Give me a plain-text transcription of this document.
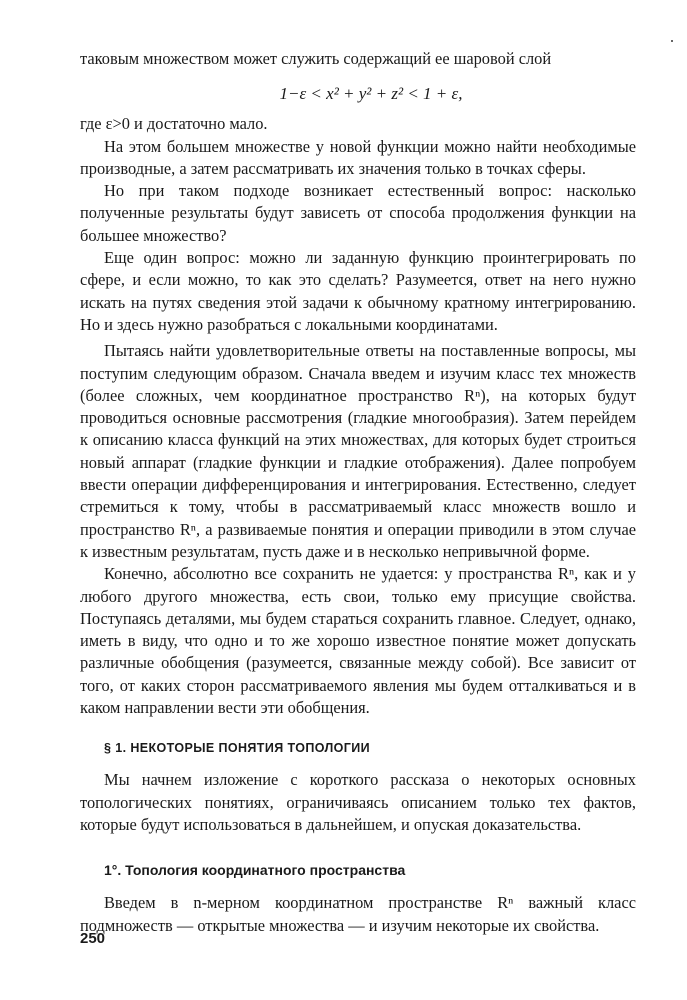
таковым множеством может служить содержащий ее шаровой слой

1−ε < x² + y² + z² < 1 + ε,

где ε>0 и достаточно мало.

На этом большем множестве у новой функции можно найти необходимые производные, а затем рассматривать их значения только в точках сферы.

Но при таком подходе возникает естественный вопрос: насколько полученные результаты будут зависеть от способа продолжения функции на большее множество?

Еще один вопрос: можно ли заданную функцию проинтегрировать по сфере, и если можно, то как это сделать? Разумеется, ответ на него нужно искать на путях сведения этой задачи к обычному кратному интегрированию. Но и здесь нужно разобраться с локальными координатами.

Пытаясь найти удовлетворительные ответы на поставленные вопросы, мы поступим следующим образом. Сначала введем и изучим класс тех множеств (более сложных, чем координатное пространство Rⁿ), на которых будут проводиться основные рассмотрения (гладкие многообразия). Затем перейдем к описанию класса функций на этих множествах, для которых будет строиться новый аппарат (гладкие функции и гладкие отображения). Далее попробуем ввести операции дифференцирования и интегрирования. Естественно, следует стремиться к тому, чтобы в рассматриваемый класс множеств вошло и пространство Rⁿ, а развиваемые понятия и операции приводили в этом случае к известным результатам, пусть даже и в несколько непривычной форме.

Конечно, абсолютно все сохранить не удается: у пространства Rⁿ, как и у любого другого множества, есть свои, только ему присущие свойства. Поступаясь деталями, мы будем стараться сохранить главное. Следует, однако, иметь в виду, что одно и то же хорошо известное понятие может допускать различные обобщения (разумеется, связанные между собой). Все зависит от того, от каких сторон рассматриваемого явления мы будем отталкиваться и в каком направлении вести эти обобщения.

§ 1. НЕКОТОРЫЕ ПОНЯТИЯ ТОПОЛОГИИ

Мы начнем изложение с короткого рассказа о некоторых основных топологических понятиях, ограничиваясь описанием только тех фактов, которые будут использоваться в дальнейшем, и опуская доказательства.

1°. Топология координатного пространства

Введем в n-мерном координатном пространстве Rⁿ важный класс подмножеств — открытые множества — и изучим некоторые их свойства.

250
